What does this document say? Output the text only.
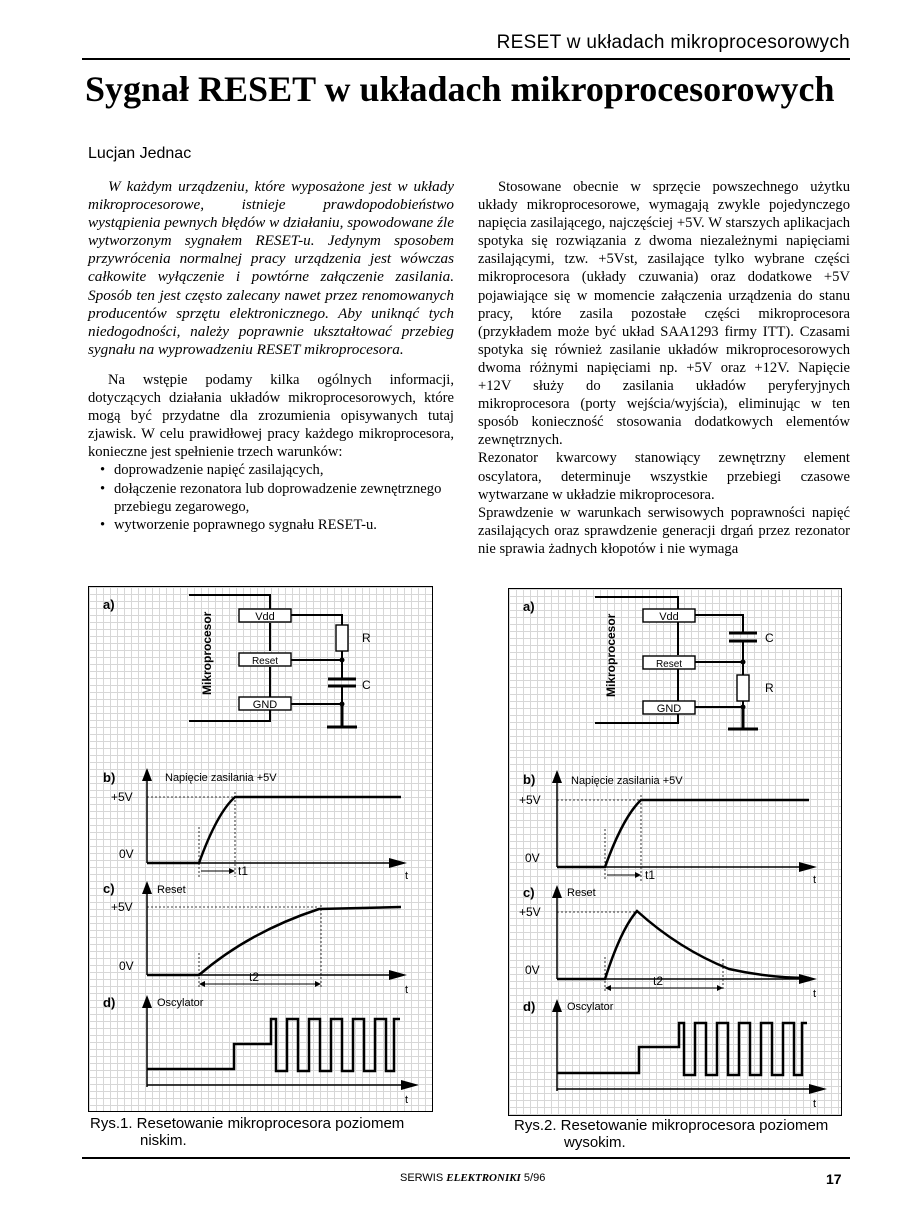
RESET w układach mikroprocesorowych
Sygnał RESET w układach mikroprocesorowych
Lucjan Jednac

W każdym urządzeniu, które wyposażone jest w układy mikroprocesorowe, istnieje prawdopodobieństwo wystąpienia pewnych błędów w działaniu, spowodowane źle wytworzonym sygnałem RESET-u. Jedynym sposobem przywrócenia normalnej pracy urządzenia jest wówczas całkowite wyłączenie i powtórne załączenie zasilania. Sposób ten jest często zalecany nawet przez renomowanych producentów sprzętu elektronicznego. Aby uniknąć tych niedogodności, należy poprawnie ukształtować przebieg sygnału na wyprowadzeniu RESET mikroprocesora.

Na wstępie podamy kilka ogólnych informacji, dotyczących działania układów mikroprocesorowych, które mogą być przydatne dla zrozumienia opisywanych tutaj zjawisk. W celu prawidłowej pracy każdego mikroprocesora, konieczne jest spełnienie trzech warunków:

• doprowadzenie napięć zasilających,
• dołączenie rezonatora lub doprowadzenie zewnętrznego przebiegu zegarowego,
• wytworzenie poprawnego sygnału RESET-u.

Stosowane obecnie w sprzęcie powszechnego użytku układy mikroprocesorowe, wymagają zwykle pojedynczego napięcia zasilającego, najczęściej +5V. W starszych aplikacjach spotyka się rozwiązania z dwoma niezależnymi napięciami zasilającymi, tzw. +5Vst, zasilające tylko wybrane części mikroprocesora (układy czuwania) oraz dodatkowe +5V pojawiające się w momencie załączenia urządzenia do stanu pracy, które zasila pozostałe części mikroprocesora (przykładem może być układ SAA1293 firmy ITT). Czasami spotyka się również zasilanie układów mikroprocesorowych dwoma różnymi napięciami np. +5V oraz +12V. Napięcie +12V służy do zasilania układów peryferyjnych mikroprocesora (porty wejścia/wyjścia), eliminując w ten sposób konieczność stosowania dodatkowych elementów zewnętrznych.

Rezonator kwarcowy stanowiący zewnętrzny element oscylatora, determinuje wszystkie przebiegi czasowe wytwarzane w układzie mikroprocesora.

Sprawdzenie w warunkach serwisowych poprawności napięć zasilających oraz sprawdzenie generacji drgań przez rezonator nie sprawia żadnych kłopotów i nie wymaga

a)
Mikroprocesor	Vdd
Reset
GND
R
C
b)	Napięcie zasilania +5V
+5V
0V
t1	t
c)	Reset
+5V
0V
t2
t
d)	Oscylator
t
Rys.1. Resetowanie mikroprocesora poziomem
niskim.
a)
Mikroprocesor	Vdd
Reset
GND
C
R
b)	Napięcie zasilania +5V
+5V
0V
t1	t
c)	Reset
+5V
0V
t2
t
d)	Oscylator
t
Rys.2. Resetowanie mikroprocesora poziomem
wysokim.
SERWIS ELEKTRONIKI 5/96	17
